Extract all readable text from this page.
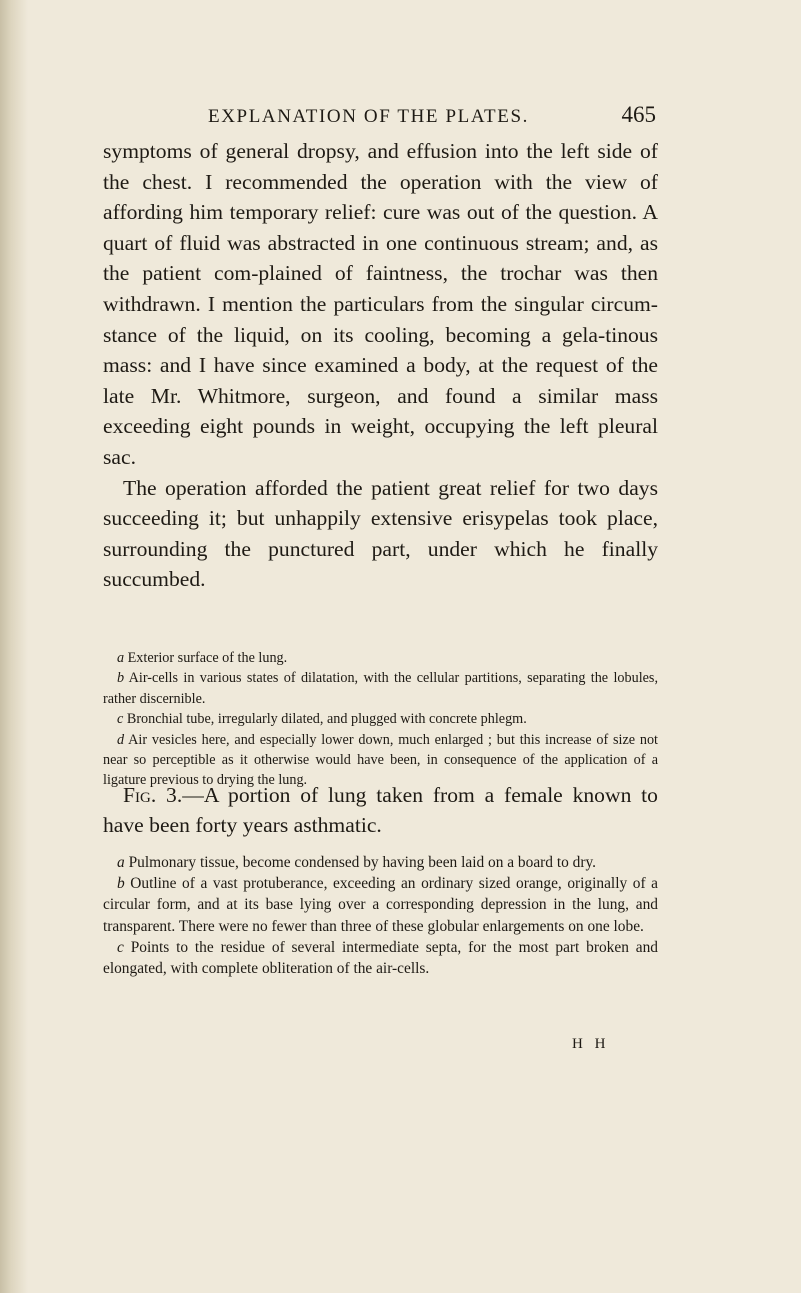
EXPLANATION OF THE PLATES.	465

symptoms of general dropsy, and effusion into the left side of the chest. I recommended the operation with the view of affording him temporary relief: cure was out of the question. A quart of fluid was abstracted in one continuous stream; and, as the patient com-plained of faintness, the trochar was then withdrawn. I mention the particulars from the singular circum-stance of the liquid, on its cooling, becoming a gela-tinous mass: and I have since examined a body, at the request of the late Mr. Whitmore, surgeon, and found a similar mass exceeding eight pounds in weight, occupying the left pleural sac.

The operation afforded the patient great relief for two days succeeding it; but unhappily extensive erisypelas took place, surrounding the punctured part, under which he finally succumbed.

a Exterior surface of the lung.

b Air-cells in various states of dilatation, with the cellular partitions, separating the lobules, rather discernible.

c Bronchial tube, irregularly dilated, and plugged with concrete phlegm.

d Air vesicles here, and especially lower down, much enlarged ; but this increase of size not near so perceptible as it otherwise would have been, in consequence of the application of a ligature previous to drying the lung.

Fig. 3.—A portion of lung taken from a female known to have been forty years asthmatic.

a Pulmonary tissue, become condensed by having been laid on a board to dry.

b Outline of a vast protuberance, exceeding an ordinary sized orange, originally of a circular form, and at its base lying over a corresponding depression in the lung, and transparent. There were no fewer than three of these globular enlargements on one lobe.

c Points to the residue of several intermediate septa, for the most part broken and elongated, with complete obliteration of the air-cells.

H H
